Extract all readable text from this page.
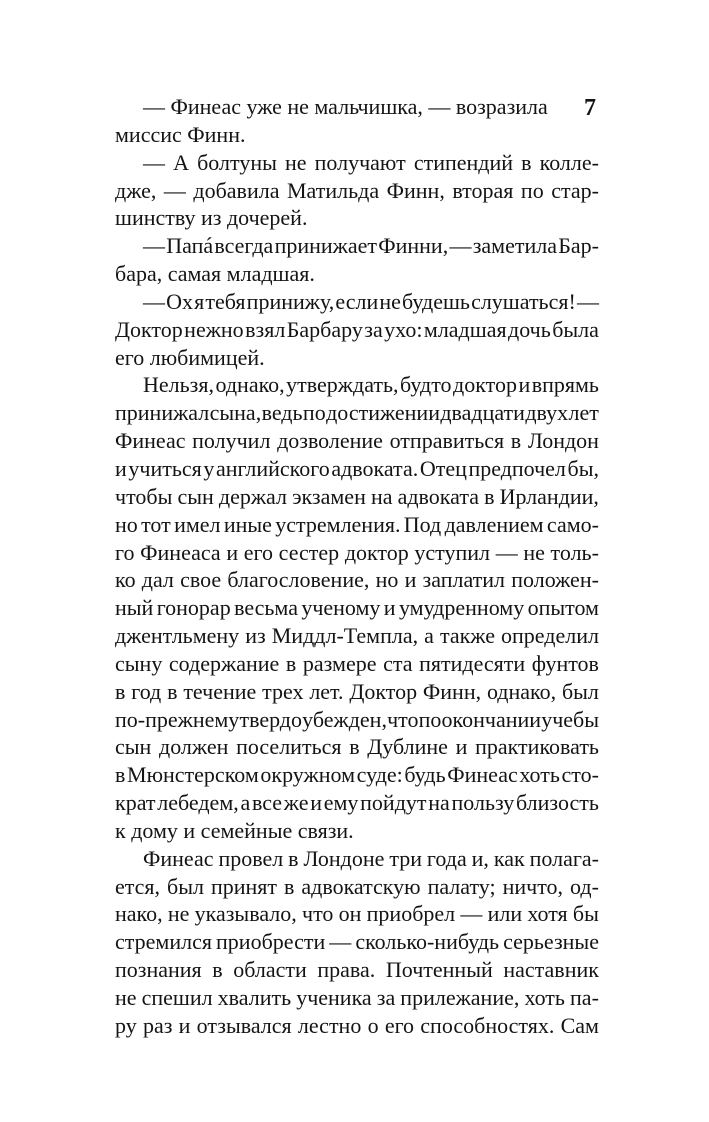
7
— Финеас уже не мальчишка, — возразила
миссис Финн.
— А болтуны не получают стипендий в колле-
дже, — добавила Матильда Финн, вторая по стар-
шинству из дочерей.
— Папá всегда принижает Финни, — заметила Бар-
бара, самая младшая.
— Ох я тебя принижу, если не будешь слушаться! —
Доктор нежно взял Барбару за ухо: младшая дочь была
его любимицей.
Нельзя, однако, утверждать, будто доктор и впрямь
принижал сына, ведь по достижении двадцати двух лет
Финеас получил дозволение отправиться в Лондон
и учиться у английского адвоката. Отец предпочел бы,
чтобы сын держал экзамен на адвоката в Ирландии,
но тот имел иные устремления. Под давлением само-
го Финеаса и его сестер доктор уступил — не толь-
ко дал свое благословение, но и заплатил положен-
ный гонорар весьма ученому и умудренному опытом
джентльмену из Миддл-Темпла, а также определил
сыну содержание в размере ста пятидесяти фунтов
в год в течение трех лет. Доктор Финн, однако, был
по-прежнему твердо убежден, что по окончании учебы
сын должен поселиться в Дублине и практиковать
в Мюнстерском окружном суде: будь Финеас хоть сто-
крат лебедем, а все же и ему пойдут на пользу близость
к дому и семейные связи.
Финеас провел в Лондоне три года и, как полага-
ется, был принят в адвокатскую палату; ничто, од-
нако, не указывало, что он приобрел — или хотя бы
стремился приобрести — сколько-нибудь серьезные
познания в области права. Почтенный наставник
не спешил хвалить ученика за прилежание, хоть па-
ру раз и отзывался лестно о его способностях. Сам
